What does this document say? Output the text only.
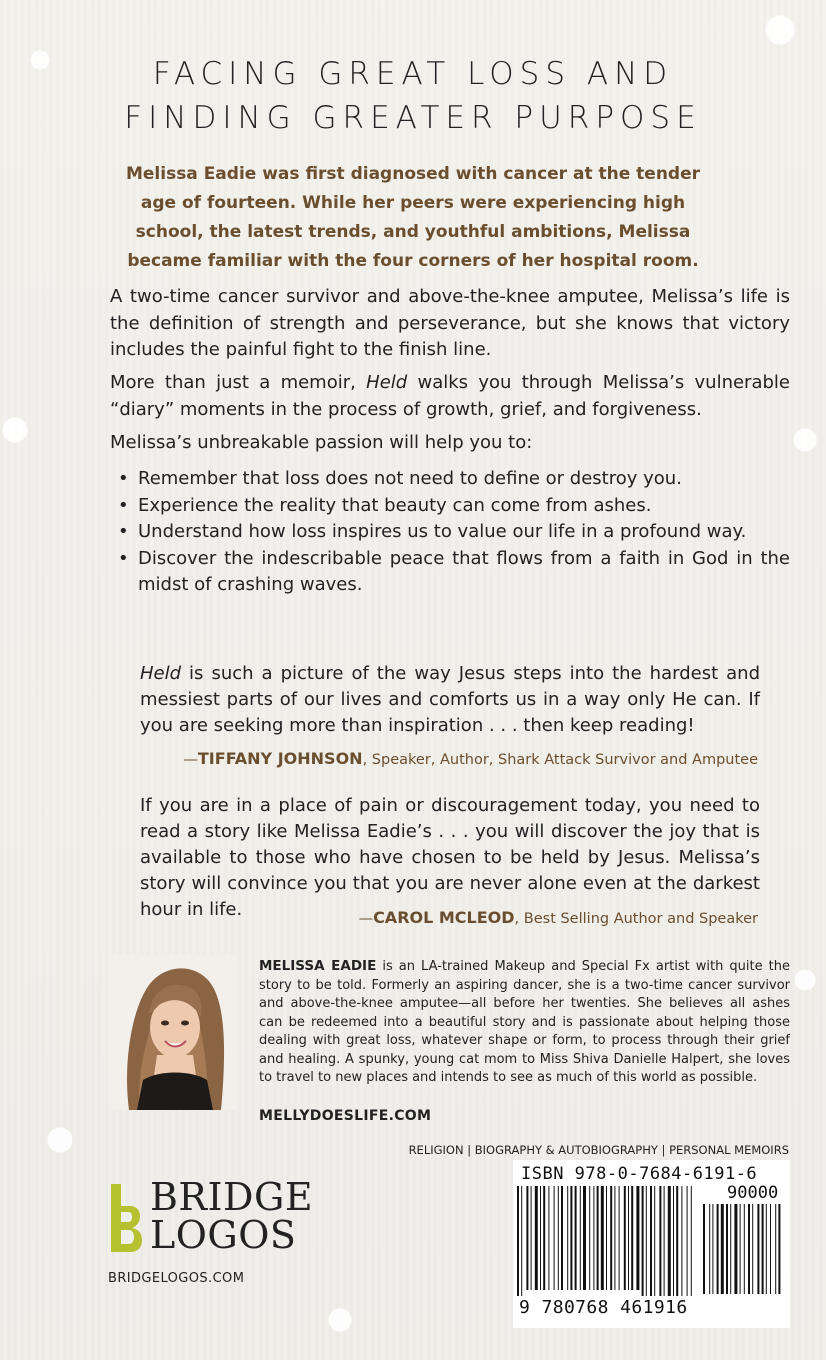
FACING GREAT LOSS AND
FINDING GREATER PURPOSE
Melissa Eadie was first diagnosed with cancer at the tender age of fourteen. While her peers were experiencing high school, the latest trends, and youthful ambitions, Melissa became familiar with the four corners of her hospital room.

A two-time cancer survivor and above-the-knee amputee, Melissa’s life is the definition of strength and perseverance, but she knows that victory includes the painful fight to the finish line.

More than just a memoir, Held walks you through Melissa’s vulnerable “diary” moments in the process of growth, grief, and forgiveness.

Melissa’s unbreakable passion will help you to:

• Remember that loss does not need to define or destroy you.
• Experience the reality that beauty can come from ashes.
• Understand how loss inspires us to value our life in a profound way.
• Discover the indescribable peace that flows from a faith in God in the midst of crashing waves.

Held is such a picture of the way Jesus steps into the hardest and messiest parts of our lives and comforts us in a way only He can. If you are seeking more than inspiration . . . then keep reading!

—TIFFANY JOHNSON, Speaker, Author, Shark Attack Survivor and Amputee

If you are in a place of pain or discouragement today, you need to read a story like Melissa Eadie’s . . . you will discover the joy that is available to those who have chosen to be held by Jesus. Melissa’s story will convince you that you are never alone even at the darkest hour in life.	—CAROL MCLEOD, Best Selling Author and Speaker

MELISSA EADIE is an LA-trained Makeup and Special Fx artist with quite the story to be told. Formerly an aspiring dancer, she is a two-time cancer survivor and above-the-knee amputee—all before her twenties. She believes all ashes can be redeemed into a beautiful story and is passionate about helping those dealing with great loss, whatever shape or form, to process through their grief and healing. A spunky, young cat mom to Miss Shiva Danielle Halpert, she loves to travel to new places and intends to see as much of this world as possible.

MELLYDOESLIFE.COM
RELIGION | BIOGRAPHY & AUTOBIOGRAPHY | PERSONAL MEMOIRS
ISBN 978-0-7684-6191-6
90000
9 780768 461916
BRIDGE
LOGOS
BRIDGELOGOS.COM
